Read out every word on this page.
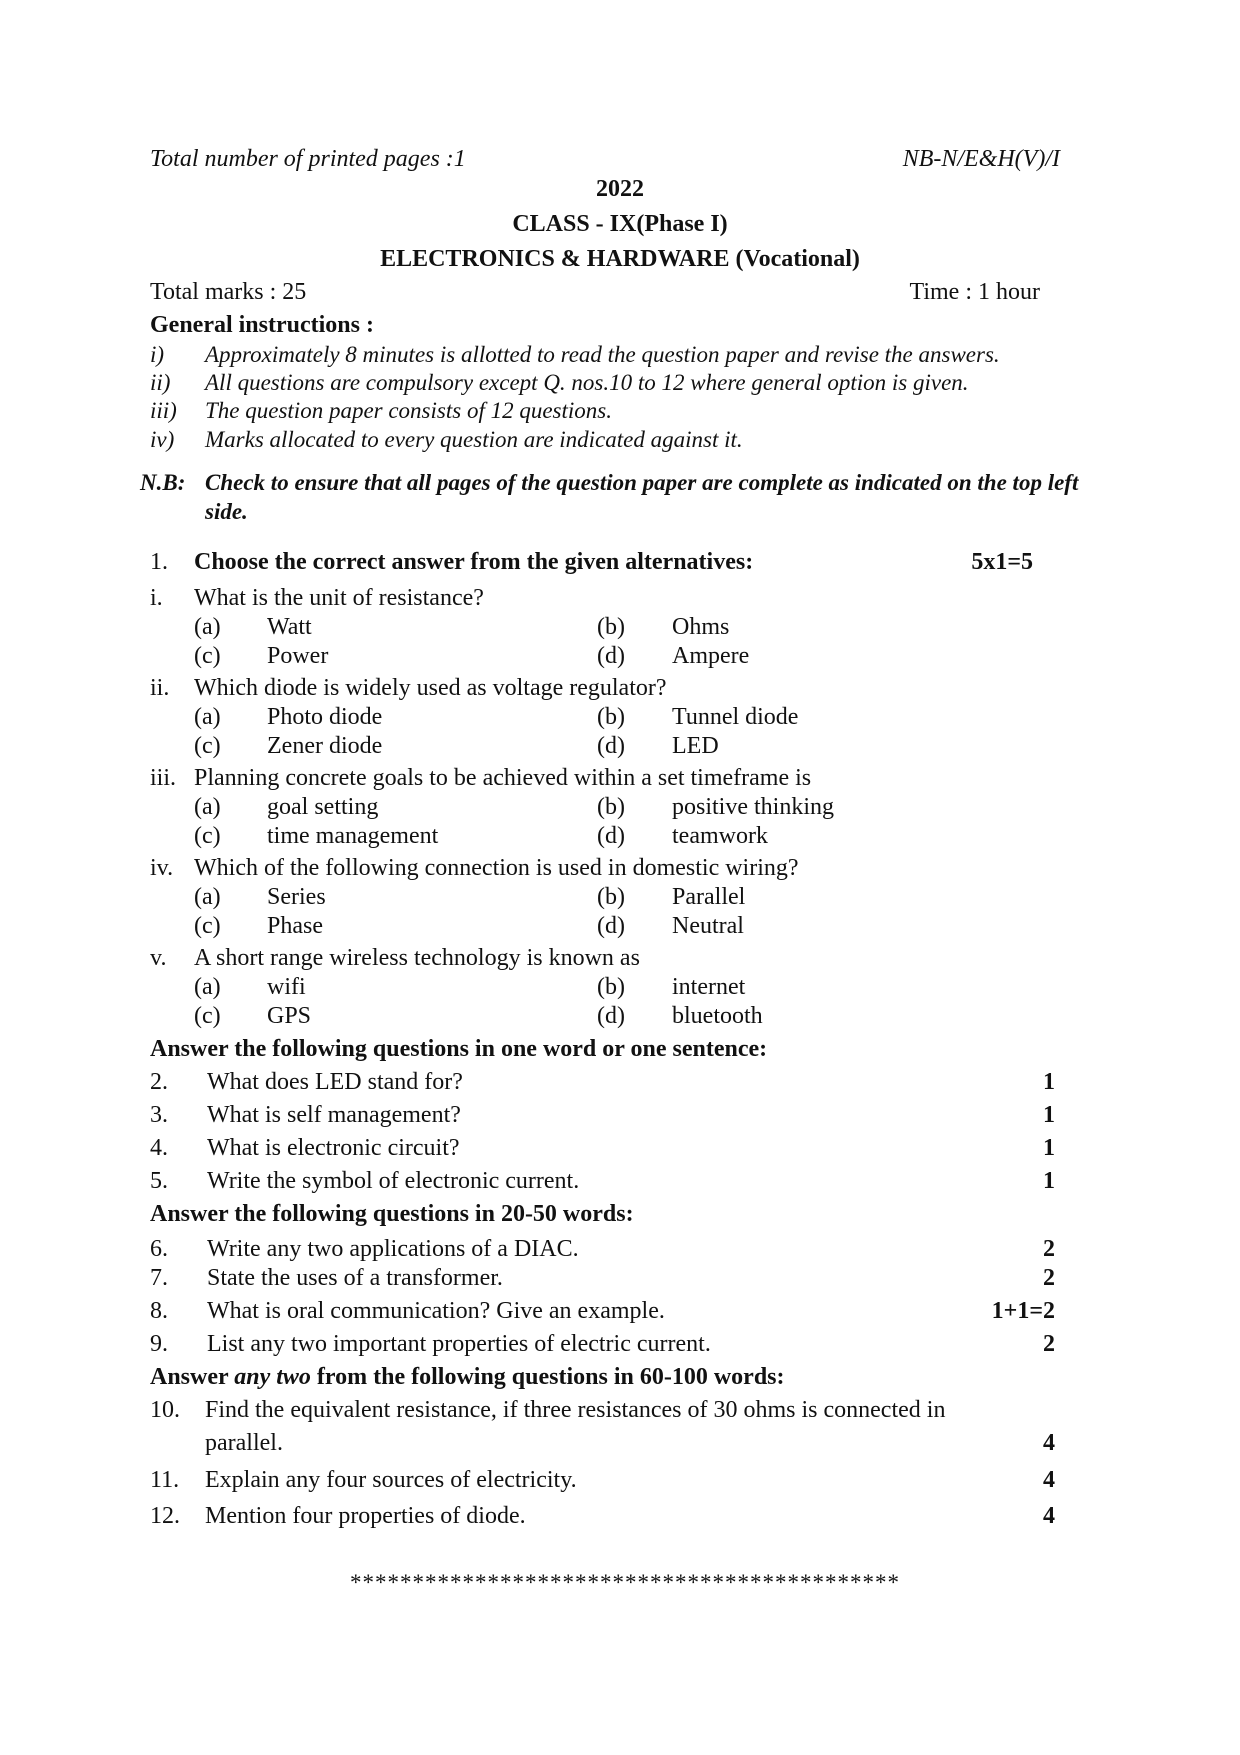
Total number of printed pages :1	NB-N/E&H(V)/I
2022
CLASS - IX(Phase I)
ELECTRONICS & HARDWARE (Vocational)
Total marks : 25	Time : 1 hour
General instructions :
i) Approximately 8 minutes is allotted to read the question paper and revise the answers.
ii) All questions are compulsory except Q. nos.10 to 12 where general option is given.
iii) The question paper consists of 12 questions.
iv) Marks allocated to every question are indicated against it.
N.B: Check to ensure that all pages of the question paper are complete as indicated on the top left
side.
1. Choose the correct answer from the given alternatives:	5x1=5
i. What is the unit of resistance?
(a) Watt	(b) Ohms
(c) Power	(d) Ampere
ii. Which diode is widely used as voltage regulator?
(a) Photo diode	(b) Tunnel diode
(c) Zener diode	(d) LED
iii. Planning concrete goals to be achieved within a set timeframe is
(a) goal setting	(b) positive thinking
(c) time management	(d) teamwork
iv. Which of the following connection is used in domestic wiring?
(a) Series	(b) Parallel
(c) Phase	(d) Neutral
v. A short range wireless technology is known as
(a) wifi	(b) internet
(c) GPS	(d) bluetooth
Answer the following questions in one word or one sentence:
2. What does LED stand for?	1
3. What is self management?	1
4. What is electronic circuit?	1
5. Write the symbol of electronic current.	1
Answer the following questions in 20-50 words:
6. Write any two applications of a DIAC.	2
7. State the uses of a transformer.	2
8. What is oral communication? Give an example.	1+1=2
9. List any two important properties of electric current.	2
Answer any two from the following questions in 60-100 words:
10. Find the equivalent resistance, if three resistances of 30 ohms is connected in
parallel.	4
11. Explain any four sources of electricity.	4
12. Mention four properties of diode.	4
********************************************
